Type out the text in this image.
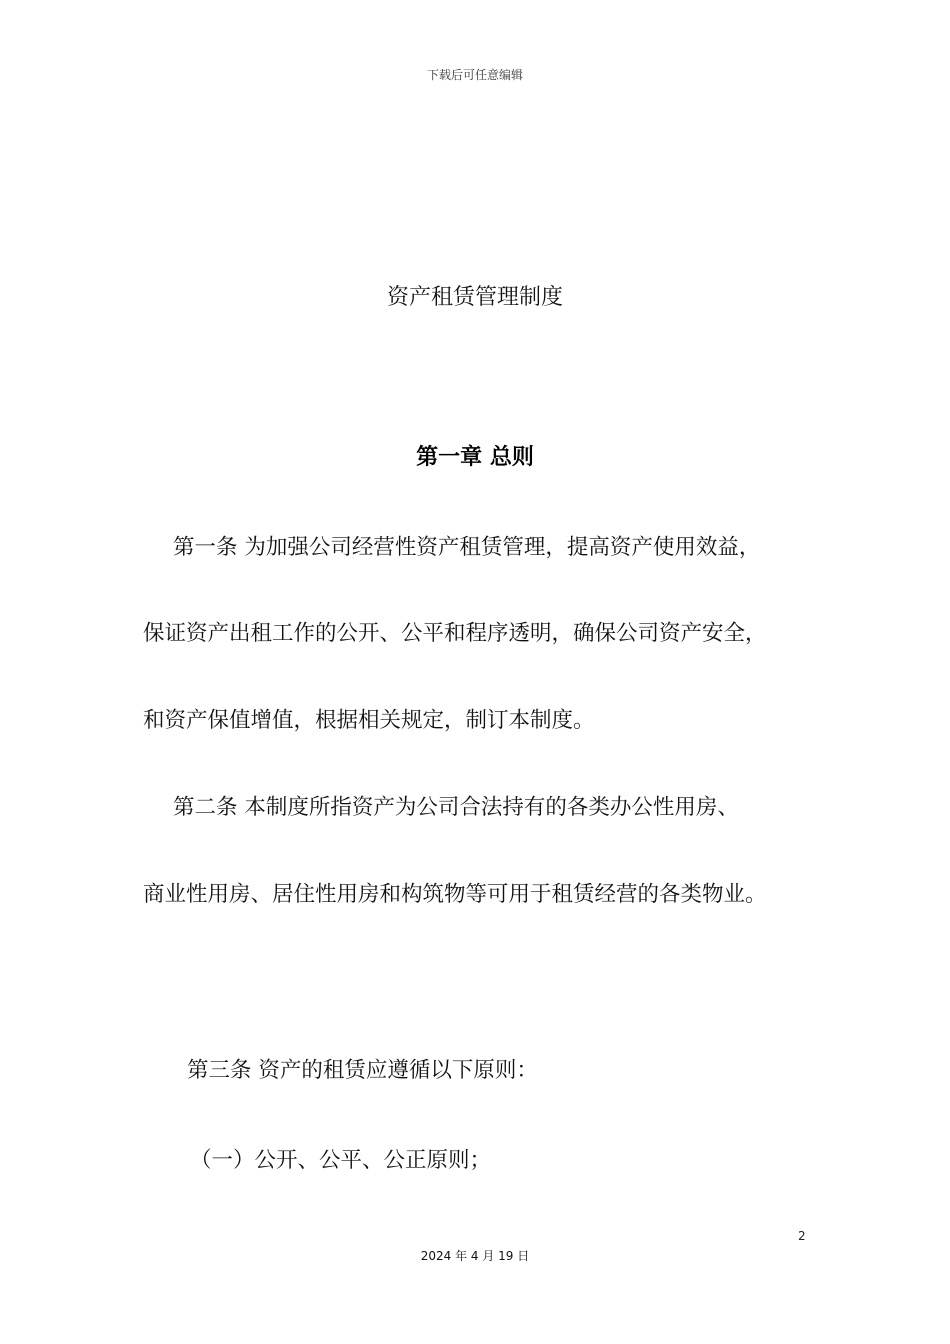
下载后可任意编辑
资产租赁管理制度
第一章 总则
第一条 为加强公司经营性资产租赁管理，提高资产使用效益，
保证资产出租工作的公开、公平和程序透明，确保公司资产安全，
和资产保值增值，根据相关规定，制订本制度。
第二条 本制度所指资产为公司合法持有的各类办公性用房、
商业性用房、居住性用房和构筑物等可用于租赁经营的各类物业。
第三条 资产的租赁应遵循以下原则：
（一）公开、公平、公正原则；
2
2024 年 4 月 19 日
